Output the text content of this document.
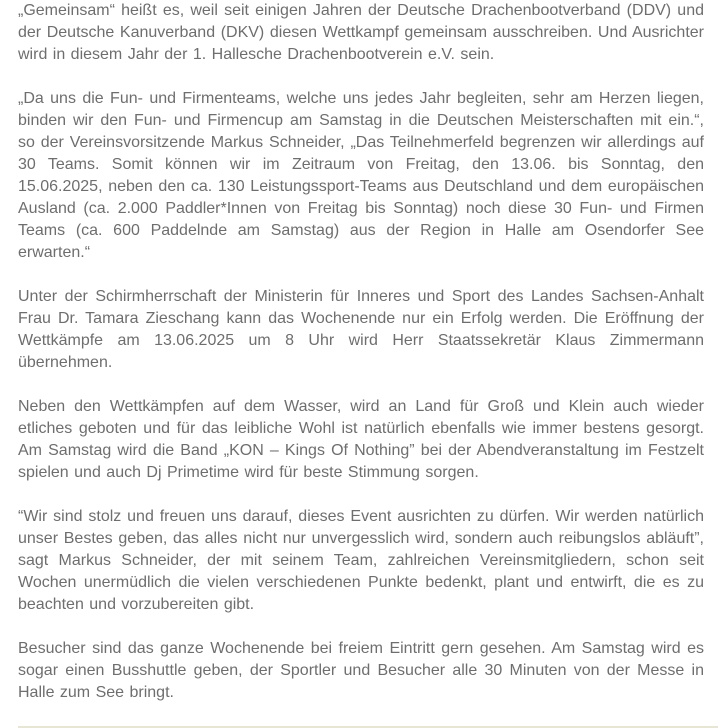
„Gemeinsam“ heißt es, weil seit einigen Jahren der Deutsche Drachenbootverband (DDV) und der Deutsche Kanuverband (DKV) diesen Wettkampf gemeinsam ausschreiben. Und Ausrichter wird in diesem Jahr der 1. Hallesche Drachenbootverein e.V. sein.

„Da uns die Fun- und Firmenteams, welche uns jedes Jahr begleiten, sehr am Herzen liegen, binden wir den Fun- und Firmencup am Samstag in die Deutschen Meisterschaften mit ein.“, so der Vereinsvorsitzende Markus Schneider, „Das Teilnehmerfeld begrenzen wir allerdings auf 30 Teams. Somit können wir im Zeitraum von Freitag, den 13.06. bis Sonntag, den 15.06.2025, neben den ca. 130 Leistungssport-Teams aus Deutschland und dem europäischen Ausland (ca. 2.000 Paddler*Innen von Freitag bis Sonntag) noch diese 30 Fun- und Firmen Teams (ca. 600 Paddelnde am Samstag) aus der Region in Halle am Osendorfer See erwarten.“

Unter der Schirmherrschaft der Ministerin für Inneres und Sport des Landes Sachsen-Anhalt Frau Dr. Tamara Zieschang kann das Wochenende nur ein Erfolg werden. Die Eröffnung der Wettkämpfe am 13.06.2025 um 8 Uhr wird Herr Staatssekretär Klaus Zimmermann übernehmen.

Neben den Wettkämpfen auf dem Wasser, wird an Land für Groß und Klein auch wieder etliches geboten und für das leibliche Wohl ist natürlich ebenfalls wie immer bestens gesorgt. Am Samstag wird die Band „KON – Kings Of Nothing” bei der Abendveranstaltung im Festzelt spielen und auch Dj Primetime wird für beste Stimmung sorgen.

“Wir sind stolz und freuen uns darauf, dieses Event ausrichten zu dürfen. Wir werden natürlich unser Bestes geben, das alles nicht nur unvergesslich wird, sondern auch reibungslos abläuft”, sagt Markus Schneider, der mit seinem Team, zahlreichen Vereinsmitgliedern, schon seit Wochen unermüdlich die vielen verschiedenen Punkte bedenkt, plant und entwirft, die es zu beachten und vorzubereiten gibt.

Besucher sind das ganze Wochenende bei freiem Eintritt gern gesehen. Am Samstag wird es sogar einen Busshuttle geben, der Sportler und Besucher alle 30 Minuten von der Messe in Halle zum See bringt.
